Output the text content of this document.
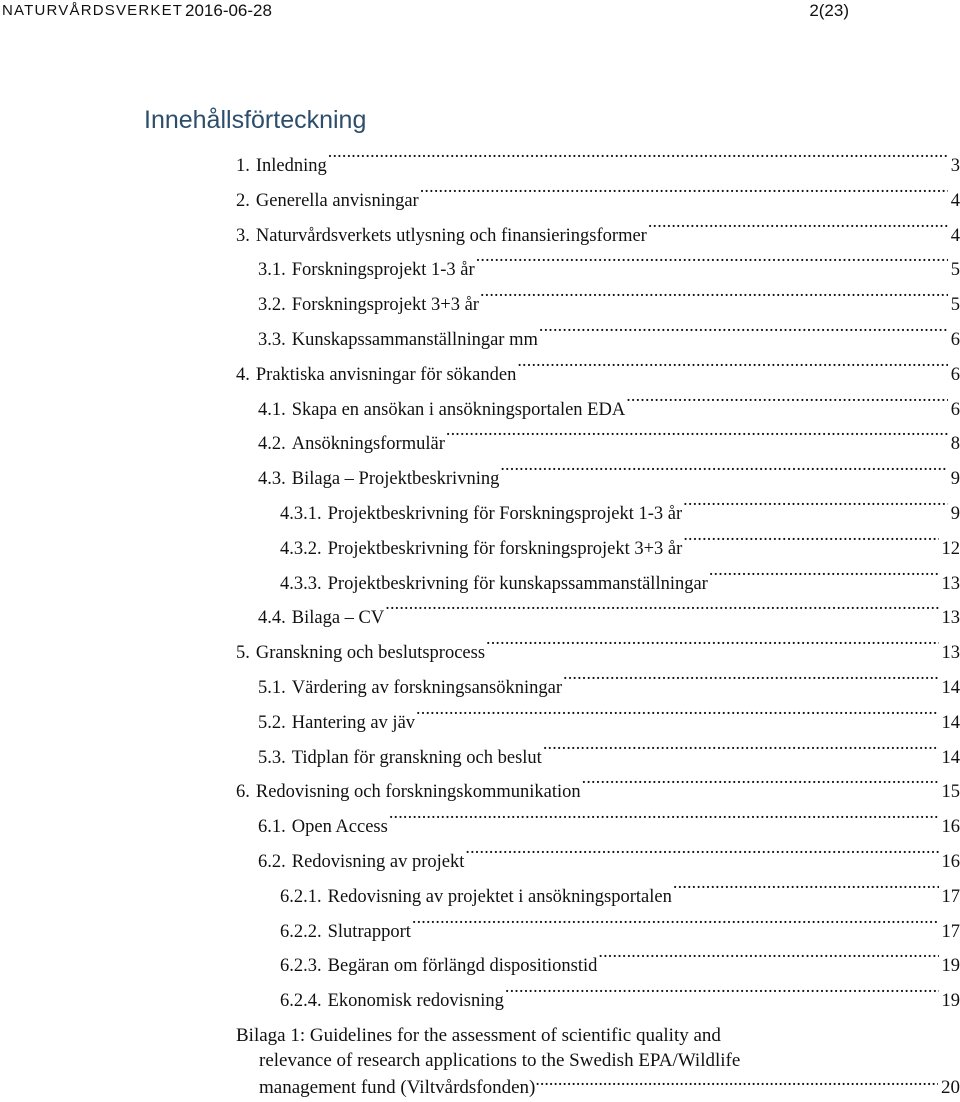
NATURVÅRDSVERKET 2016-06-28	2(23)
Innehållsförteckning
1. Inledning .....	3
2. Generella anvisningar .....	4
3. Naturvårdsverkets utlysning och finansieringsformer .....	4
3.1. Forskningsprojekt 1-3 år .....	5
3.2. Forskningsprojekt 3+3 år .....	5
3.3. Kunskapssammanställningar mm .....	6
4. Praktiska anvisningar för sökanden .....	6
4.1. Skapa en ansökan i ansökningsportalen EDA .....	6
4.2. Ansökningsformulär .....	8
4.3. Bilaga – Projektbeskrivning .....	9
4.3.1. Projektbeskrivning för Forskningsprojekt 1-3 år .....	9
4.3.2. Projektbeskrivning för forskningsprojekt 3+3 år .....	12
4.3.3. Projektbeskrivning för kunskapssammanställningar .....	13
4.4. Bilaga – CV .....	13
5. Granskning och beslutsprocess .....	13
5.1. Värdering av forskningsansökningar .....	14
5.2. Hantering av jäv .....	14
5.3. Tidplan för granskning och beslut .....	14
6. Redovisning och forskningskommunikation .....	15
6.1. Open Access .....	16
6.2. Redovisning av projekt .....	16
6.2.1. Redovisning av projektet i ansökningsportalen .....	17
6.2.2. Slutrapport .....	17
6.2.3. Begäran om förlängd dispositionstid .....	19
6.2.4. Ekonomisk redovisning .....	19
Bilaga 1: Guidelines for the assessment of scientific quality and
relevance of research applications to the Swedish EPA/Wildlife
management fund (Viltvårdsfonden) .....	20
